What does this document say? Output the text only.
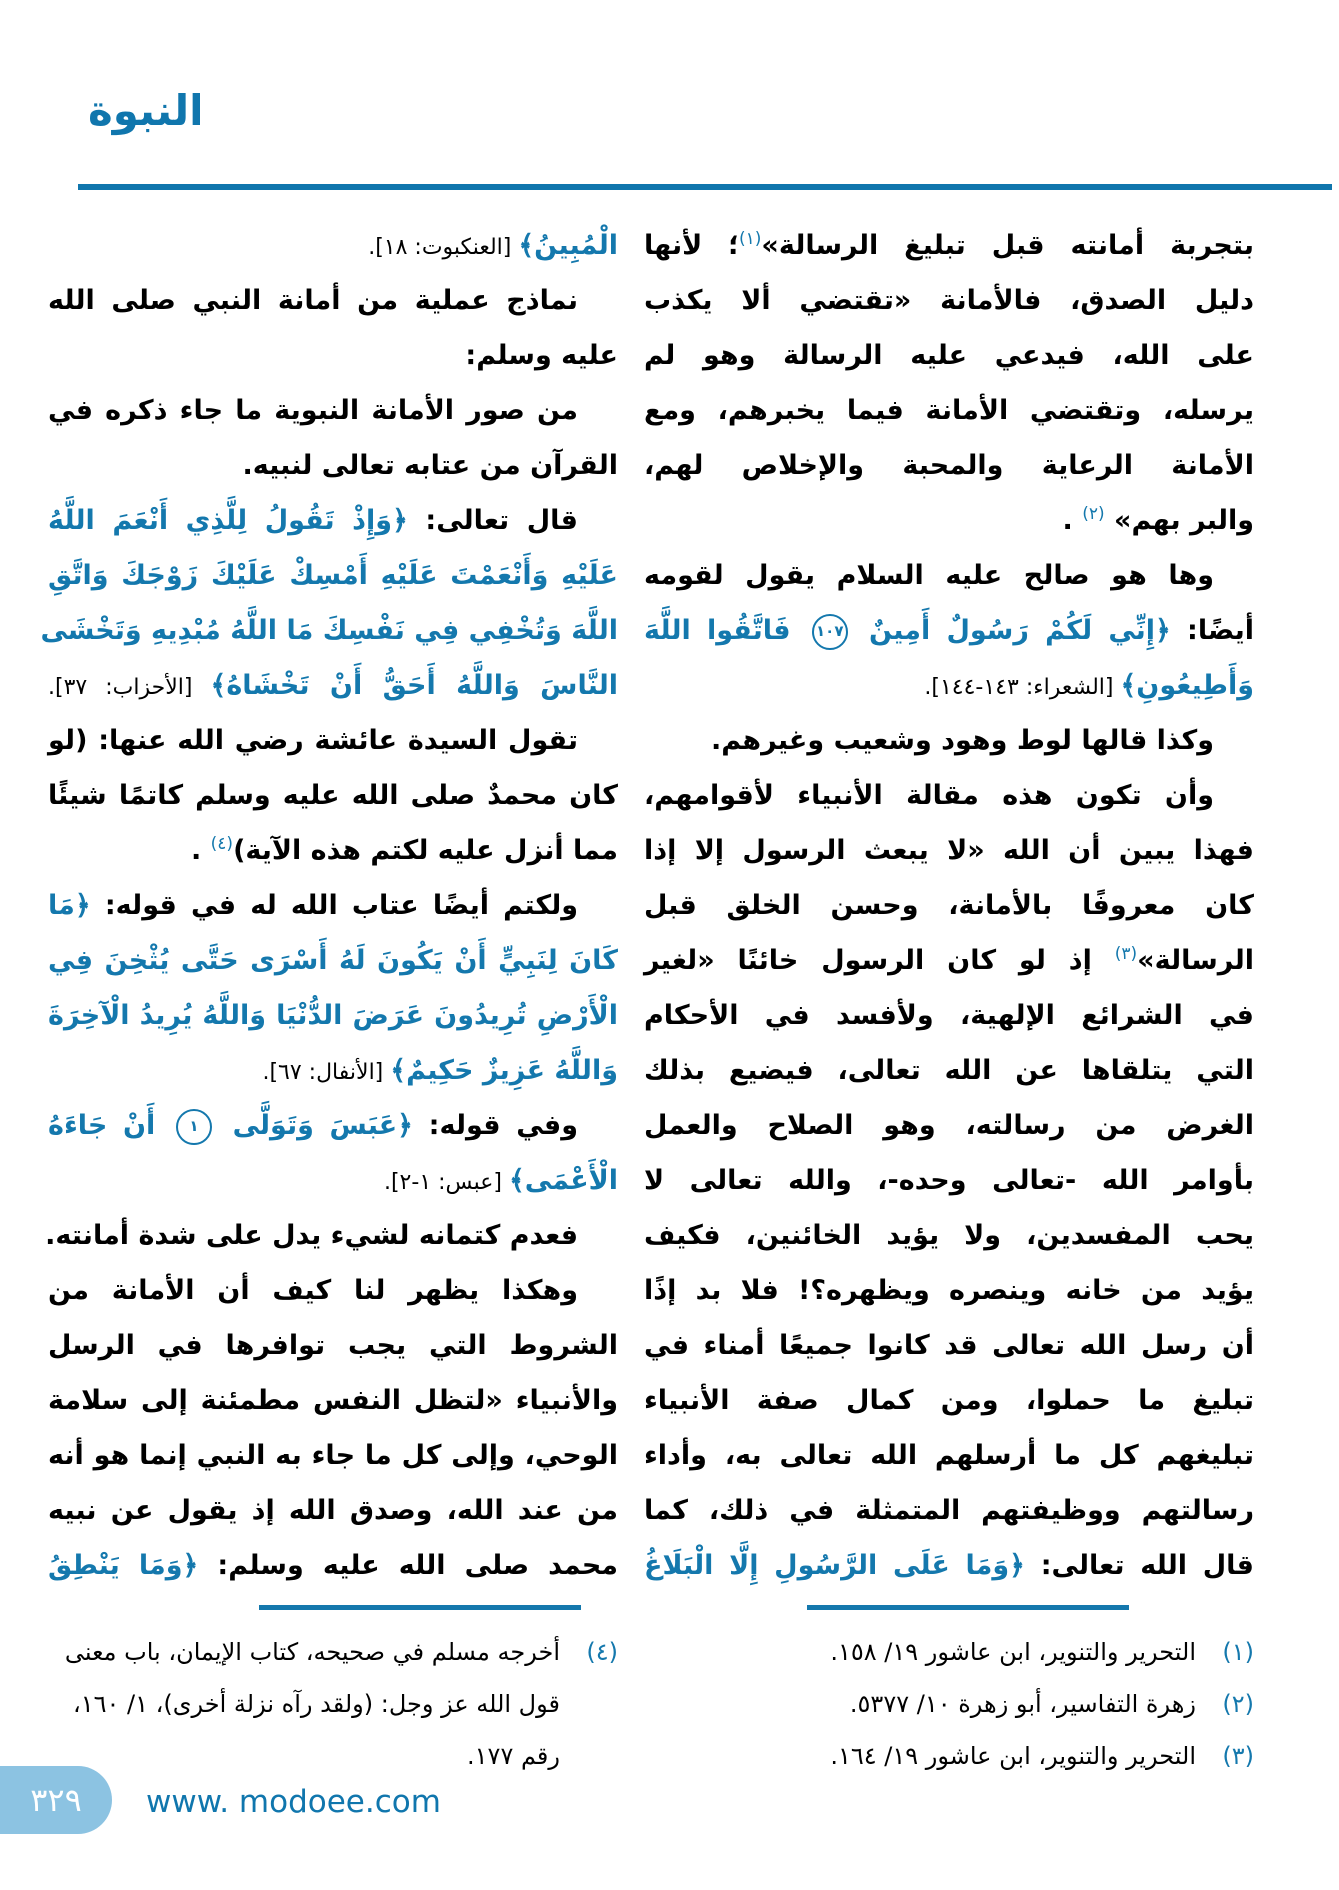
النبوة
بتجربة أمانته قبل تبليغ الرسالة»$^{(١)}$؛ لأنها
دليل الصدق، فالأمانة «تقتضي ألا يكذب
على الله، فيدعي عليه الرسالة وهو لم
يرسله، وتقتضي الأمانة فيما يخبرهم، ومع
الأمانة الرعاية والمحبة والإخلاص لهم،
والبر بهم» $^{(٢)}$ .
وها هو صالح عليه السلام يقول لقومه
أيضًا: ﴿إِنِّي لَكُمْ رَسُولٌ أَمِينٌ ١٠٧ فَاتَّقُوا اللَّهَ
وَأَطِيعُونِ﴾ [الشعراء: ١٤٣-١٤٤].
وكذا قالها لوط وهود وشعيب وغيرهم.
وأن تكون هذه مقالة الأنبياء لأقوامهم،
فهذا يبين أن الله «لا يبعث الرسول إلا إذا
كان معروفًا بالأمانة، وحسن الخلق قبل
الرسالة»$^{(٣)}$ إذ لو كان الرسول خائنًا «لغير
في الشرائع الإلهية، ولأفسد في الأحكام
التي يتلقاها عن الله تعالى، فيضيع بذلك
الغرض من رسالته، وهو الصلاح والعمل
بأوامر الله -تعالى وحده-، والله تعالى لا
يحب المفسدين، ولا يؤيد الخائنين، فكيف
يؤيد من خانه وينصره ويظهره؟! فلا بد إذًا
أن رسل الله تعالى قد كانوا جميعًا أمناء في
تبليغ ما حملوا، ومن كمال صفة الأنبياء
تبليغهم كل ما أرسلهم الله تعالى به، وأداء
رسالتهم ووظيفتهم المتمثلة في ذلك، كما
قال الله تعالى: ﴿وَمَا عَلَى الرَّسُولِ إِلَّا الْبَلَاغُ
(١)
التحرير والتنوير، ابن عاشور ١٩/ ١٥٨.
(٢)
زهرة التفاسير، أبو زهرة ١٠/ ٥٣٧٧.
(٣)
التحرير والتنوير، ابن عاشور ١٩/ ١٦٤.
الْمُبِينُ﴾ [العنكبوت: ١٨].
نماذج عملية من أمانة النبي صلى الله
عليه وسلم:
من صور الأمانة النبوية ما جاء ذكره في
القرآن من عتابه تعالى لنبيه.
قال تعالى: ﴿وَإِذْ تَقُولُ لِلَّذِي أَنْعَمَ اللَّهُ
عَلَيْهِ وَأَنْعَمْتَ عَلَيْهِ أَمْسِكْ عَلَيْكَ زَوْجَكَ وَاتَّقِ
اللَّهَ وَتُخْفِي فِي نَفْسِكَ مَا اللَّهُ مُبْدِيهِ وَتَخْشَى
النَّاسَ وَاللَّهُ أَحَقُّ أَنْ تَخْشَاهُ﴾ [الأحزاب: ٣٧].
تقول السيدة عائشة رضي الله عنها: (لو
كان محمدٌ صلى الله عليه وسلم كاتمًا شيئًا
مما أنزل عليه لكتم هذه الآية)$^{(٤)}$ .
ولكتم أيضًا عتاب الله له في قوله: ﴿مَا
كَانَ لِنَبِيٍّ أَنْ يَكُونَ لَهُ أَسْرَى حَتَّى يُثْخِنَ فِي
الْأَرْضِ تُرِيدُونَ عَرَضَ الدُّنْيَا وَاللَّهُ يُرِيدُ الْآخِرَةَ
وَاللَّهُ عَزِيزٌ حَكِيمٌ﴾ [الأنفال: ٦٧].
وفي قوله: ﴿عَبَسَ وَتَوَلَّى ١ أَنْ جَاءَهُ
الْأَعْمَى﴾ [عبس: ١-٢].
فعدم كتمانه لشيء يدل على شدة أمانته.
وهكذا يظهر لنا كيف أن الأمانة من
الشروط التي يجب توافرها في الرسل
والأنبياء «لتظل النفس مطمئنة إلى سلامة
الوحي، وإلى كل ما جاء به النبي إنما هو أنه
من عند الله، وصدق الله إذ يقول عن نبيه
محمد صلى الله عليه وسلم: ﴿وَمَا يَنْطِقُ
(٤)
أخرجه مسلم في صحيحه، كتاب الإيمان، باب معنى قول الله عز وجل: (ولقد رآه نزلة أخرى)، ١/ ١٦٠، رقم ١٧٧.
٣٢٩ www. modoee.com
